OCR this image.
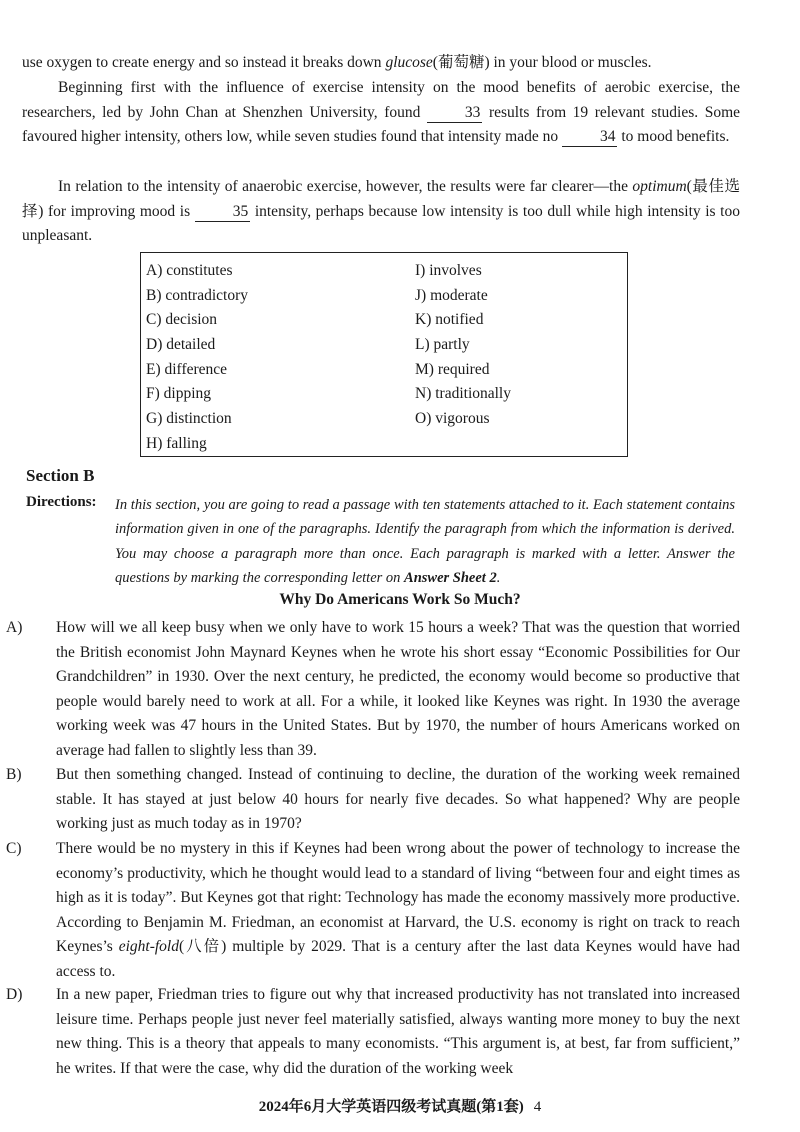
use oxygen to create energy and so instead it breaks down glucose(葡萄糖) in your blood or muscles.

Beginning first with the influence of exercise intensity on the mood benefits of aerobic exercise, the researchers, led by John Chan at Shenzhen University, found 33 results from 19 relevant studies. Some favoured higher intensity, others low, while seven studies found that intensity made no 34 to mood benefits.

In relation to the intensity of anaerobic exercise, however, the results were far clearer—the optimum(最佳选择) for improving mood is 35 intensity, perhaps because low intensity is too dull while high intensity is too unpleasant.

A) constitutes
B) contradictory
C) decision
D) detailed
E) difference
F) dipping
G) distinction
H) falling
I) involves
J) moderate
K) notified
L) partly
M) required
N) traditionally
O) vigorous
Section B
Directions: In this section, you are going to read a passage with ten statements attached to it. Each statement contains information given in one of the paragraphs. Identify the paragraph from which the information is derived. You may choose a paragraph more than once. Each paragraph is marked with a letter. Answer the questions by marking the corresponding letter on Answer Sheet 2.

Why Do Americans Work So Much?
A)	How will we all keep busy when we only have to work 15 hours a week? That was the question that worried the British economist John Maynard Keynes when he wrote his short essay “Economic Possibilities for Our Grandchildren” in 1930. Over the next century, he predicted, the economy would become so productive that people would barely need to work at all. For a while, it looked like Keynes was right. In 1930 the average working week was 47 hours in the United States. But by 1970, the number of hours Americans worked on average had fallen to slightly less than 39.
B)	But then something changed. Instead of continuing to decline, the duration of the working week remained stable. It has stayed at just below 40 hours for nearly five decades. So what happened? Why are people working just as much today as in 1970?
C)	There would be no mystery in this if Keynes had been wrong about the power of technology to increase the economy’s productivity, which he thought would lead to a standard of living “between four and eight times as high as it is today”. But Keynes got that right: Technology has made the economy massively more productive. According to Benjamin M. Friedman, an economist at Harvard, the U.S. economy is right on track to reach Keynes’s eight-fold(八倍) multiple by 2029. That is a century after the last data Keynes would have had access to.
D)	In a new paper, Friedman tries to figure out why that increased productivity has not translated into increased leisure time. Perhaps people just never feel materially satisfied, always wanting more money to buy the next new thing. This is a theory that appeals to many economists. “This argument is, at best, far from sufficient,” he writes. If that were the case, why did the duration of the working week
2024年6月大学英语四级考试真题(第1套) 4
